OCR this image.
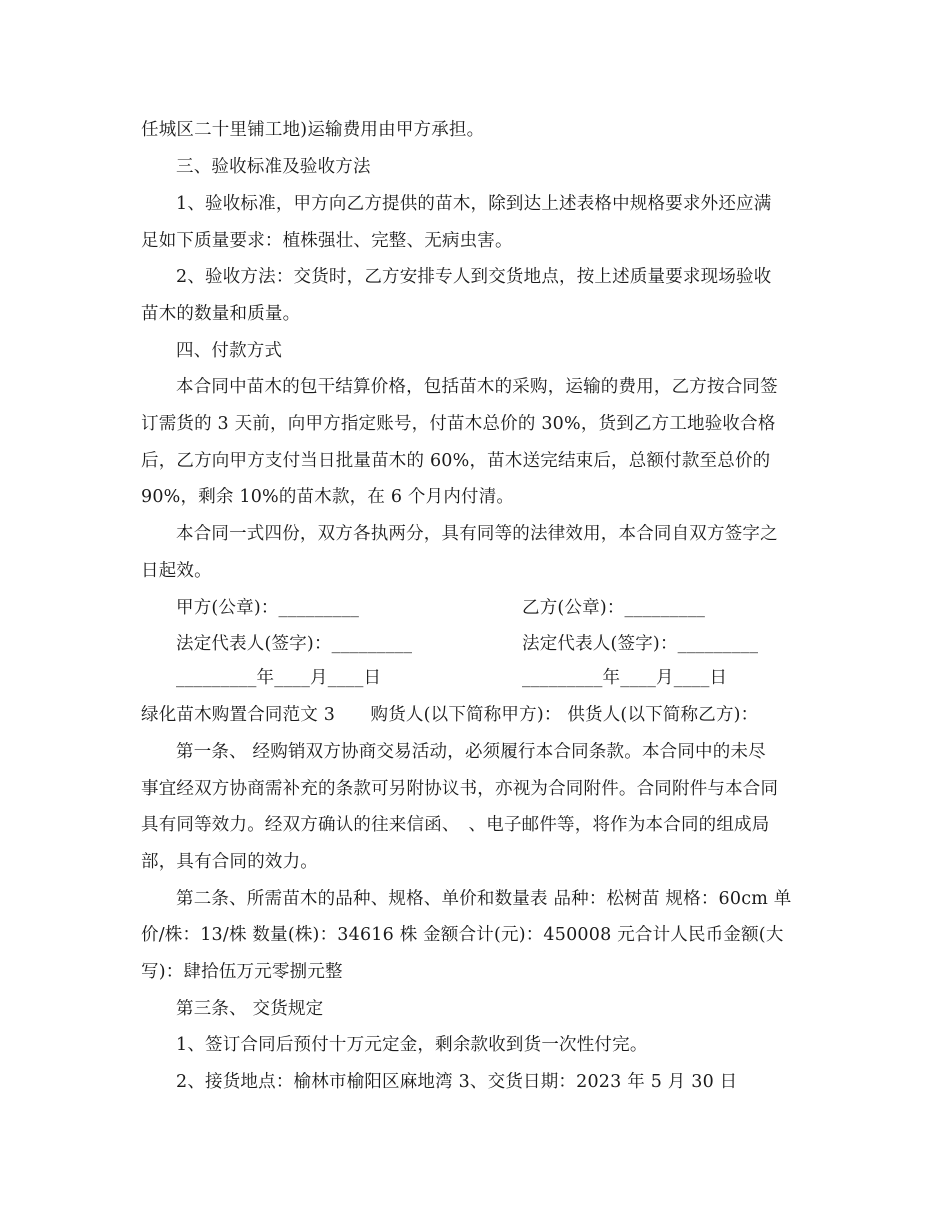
任城区二十里铺工地)运输费用由甲方承担。
三、验收标准及验收方法
1、验收标准，甲方向乙方提供的苗木，除到达上述表格中规格要求外还应满
足如下质量要求：植株强壮、完整、无病虫害。
2、验收方法：交货时，乙方安排专人到交货地点，按上述质量要求现场验收
苗木的数量和质量。
四、付款方式
本合同中苗木的包干结算价格，包括苗木的采购，运输的费用，乙方按合同签
订需货的 3 天前，向甲方指定账号，付苗木总价的 30%，货到乙方工地验收合格
后，乙方向甲方支付当日批量苗木的 60%，苗木送完结束后，总额付款至总价的
90%，剩余 10%的苗木款，在 6 个月内付清。
本合同一式四份，双方各执两分，具有同等的法律效用，本合同自双方签字之
日起效。
甲方(公章)：_________	乙方(公章)：_________
法定代表人(签字)：_________	法定代表人(签字)：_________
_________年____月____日	_________年____月____日
绿化苗木购置合同范文 3　　购货人(以下简称甲方)： 供货人(以下简称乙方)：
第一条、 经购销双方协商交易活动，必须履行本合同条款。本合同中的未尽
事宜经双方协商需补充的条款可另附协议书，亦视为合同附件。合同附件与本合同
具有同等效力。经双方确认的往来信函、　、电子邮件等，将作为本合同的组成局
部，具有合同的效力。
第二条、所需苗木的品种、规格、单价和数量表 品种：松树苗 规格：60cm 单
价/株：13/株 数量(株)：34616 株 金额合计(元)：450008 元合计人民币金额(大
写)：肆拾伍万元零捌元整
第三条、 交货规定
1、签订合同后预付十万元定金，剩余款收到货一次性付完。
2、接货地点：榆林市榆阳区麻地湾 3、交货日期：2023 年 5 月 30 日
